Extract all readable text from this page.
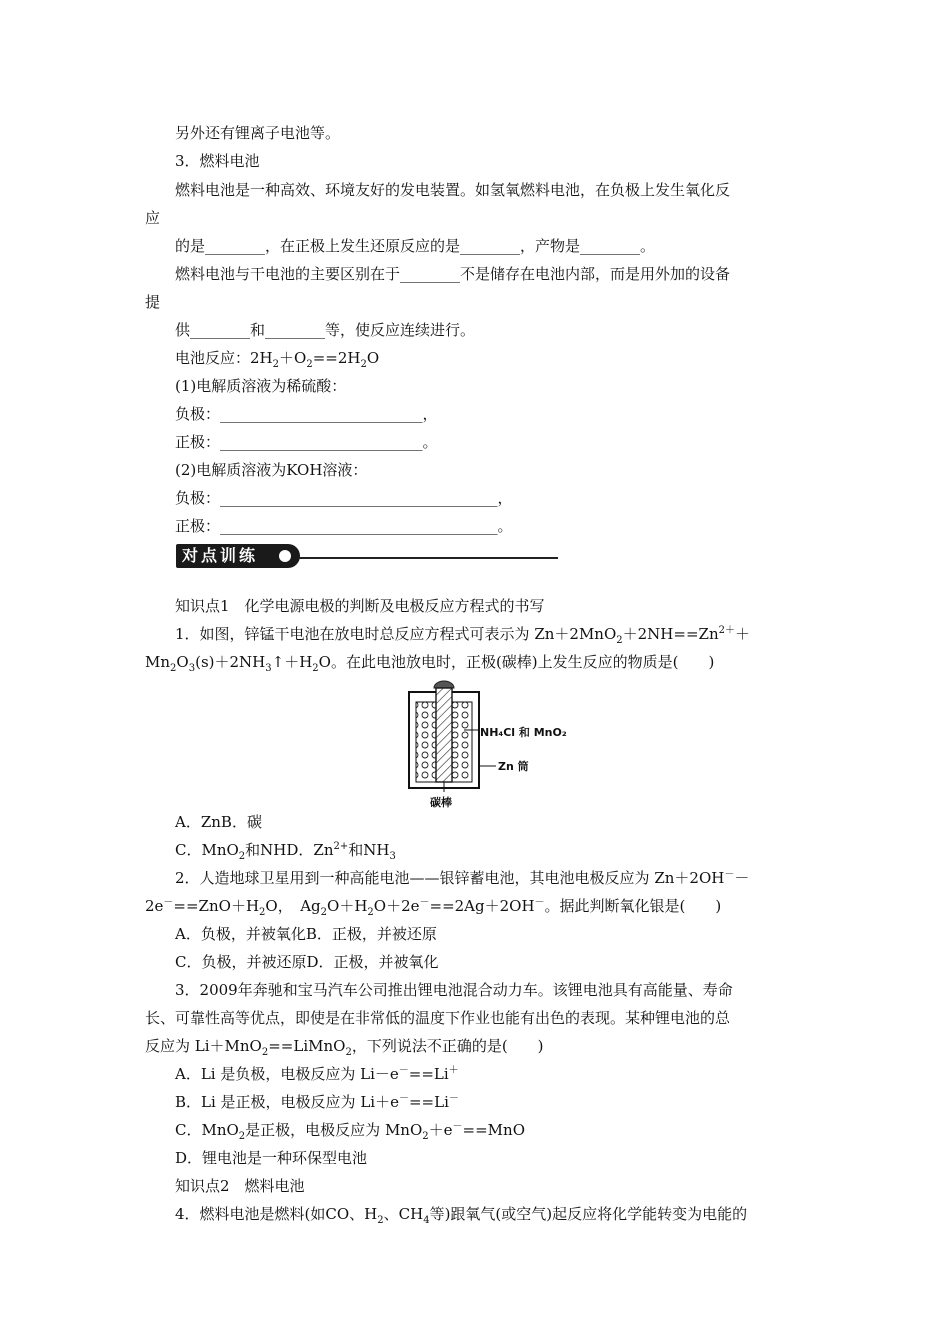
另外还有锂离子电池等。
3．燃料电池
燃料电池是一种高效、环境友好的发电装置。如氢氧燃料电池，在负极上发生氧化反
应
的是________，在正极上发生还原反应的是________，产物是________。
燃料电池与干电池的主要区别在于________不是储存在电池内部，而是用外加的设备
提
供________和________等，使反应连续进行。
电池反应：$2H_2+O_2==2H_2O$
(1)电解质溶液为稀硫酸：
负极：___________________________，
正极：___________________________。
(2)电解质溶液为KOH溶液：
负极：_____________________________________，
正极：_____________________________________。
对点训练
知识点1　化学电源电极的判断及电极反应方程式的书写
1．如图，锌锰干电池在放电时总反应方程式可表示为 $Zn+2MnO_2+2NH==Zn^{2+}+$
$Mn_2O_3(s)+2NH_3↑+H_2O$。在此电池放电时，正极(碳棒)上发生反应的物质是(　　)
NH₄Cl 和 MnO₂
Zn 筒
碳棒
A．ZnB．碳
C．MnO$_2$和NHD．$Zn^{2+}$和$NH_3$
2．人造地球卫星用到一种高能电池——银锌蓄电池，其电池电极反应为 Zn＋2OH－－
$2e^-==ZnO+H_2O$，　$Ag_2O+H_2O+2e^-==2Ag+2OH^-$。据此判断氧化银是(　　)
A．负极，并被氧化B．正极，并被还原
C．负极，并被还原D．正极，并被氧化
3．2009年奔驰和宝马汽车公司推出锂电池混合动力车。该锂电池具有高能量、寿命
长、可靠性高等优点，即使是在非常低的温度下作业也能有出色的表现。某种锂电池的总
反应为 Li＋MnO$_2$==LiMnO$_2$，下列说法不正确的是(　　)
A．Li 是负极，电极反应为 Li－e－==Li＋
B．Li 是正极，电极反应为 Li＋e－==Li－
C．MnO$_2$是正极，电极反应为 MnO$_2$＋e－==MnO
D．锂电池是一种环保型电池
知识点2　燃料电池
4．燃料电池是燃料(如CO、$H_2$、$CH_4$等)跟氧气(或空气)起反应将化学能转变为电能的
